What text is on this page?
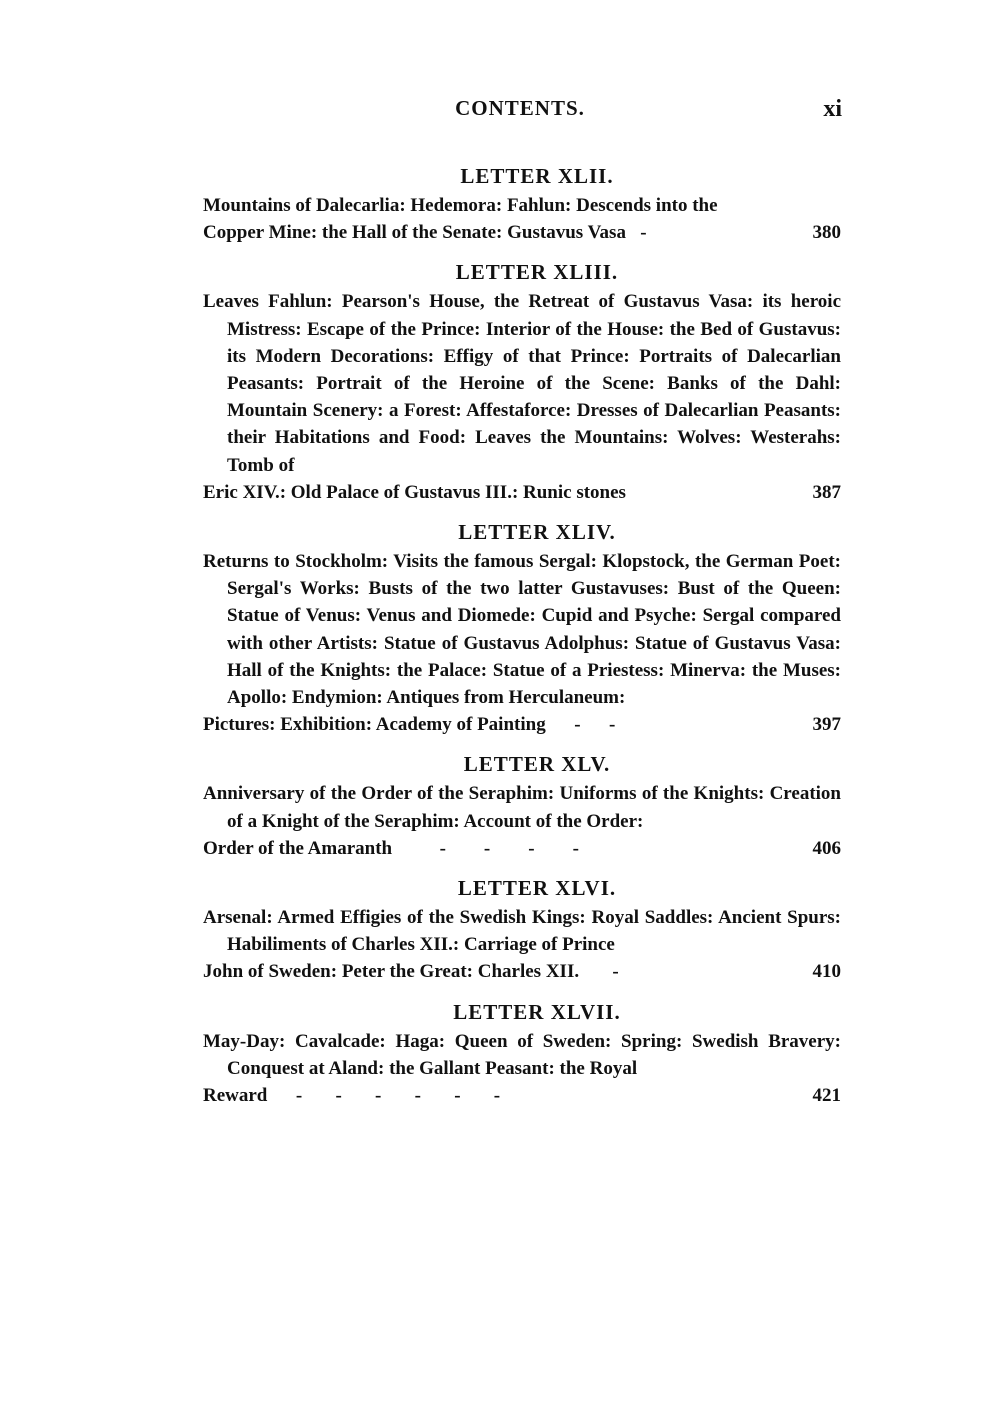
CONTENTS.	xi
LETTER XLII.

Mountains of Dalecarlia: Hedemora: Fahlun: Descends into the
Copper Mine: the Hall of the Senate: Gustavus Vasa   -	380

LETTER XLIII.

Leaves Fahlun: Pearson's House, the Retreat of Gustavus Vasa: its heroic Mistress: Escape of the Prince: Interior of the House: the Bed of Gustavus: its Modern Decorations: Effigy of that Prince: Portraits of Dalecarlian Peasants: Portrait of the Heroine of the Scene: Banks of the Dahl: Mountain Scenery: a Forest: Affestaforce: Dresses of Dalecarlian Peasants: their Habitations and Food: Leaves the Mountains: Wolves: Westerahs: Tomb of
Eric XIV.: Old Palace of Gustavus III.: Runic stones	387

LETTER XLIV.

Returns to Stockholm: Visits the famous Sergal: Klopstock, the German Poet: Sergal's Works: Busts of the two latter Gustavuses: Bust of the Queen: Statue of Venus: Venus and Diomede: Cupid and Psyche: Sergal compared with other Artists: Statue of Gustavus Adolphus: Statue of Gustavus Vasa: Hall of the Knights: the Palace: Statue of a Priestess: Minerva: the Muses: Apollo: Endymion: Antiques from Herculaneum:
Pictures: Exhibition: Academy of Painting      -      -	397

LETTER XLV.

Anniversary of the Order of the Seraphim: Uniforms of the Knights: Creation of a Knight of the Seraphim: Account of the Order:
Order of the Amaranth          -        -        -        -	406

LETTER XLVI.

Arsenal: Armed Effigies of the Swedish Kings: Royal Saddles: Ancient Spurs: Habiliments of Charles XII.: Carriage of Prince
John of Sweden: Peter the Great: Charles XII.       -	410

LETTER XLVII.

May-Day: Cavalcade: Haga: Queen of Sweden: Spring: Swedish Bravery: Conquest at Aland: the Gallant Peasant: the Royal
Reward      -       -       -       -       -       -	421
